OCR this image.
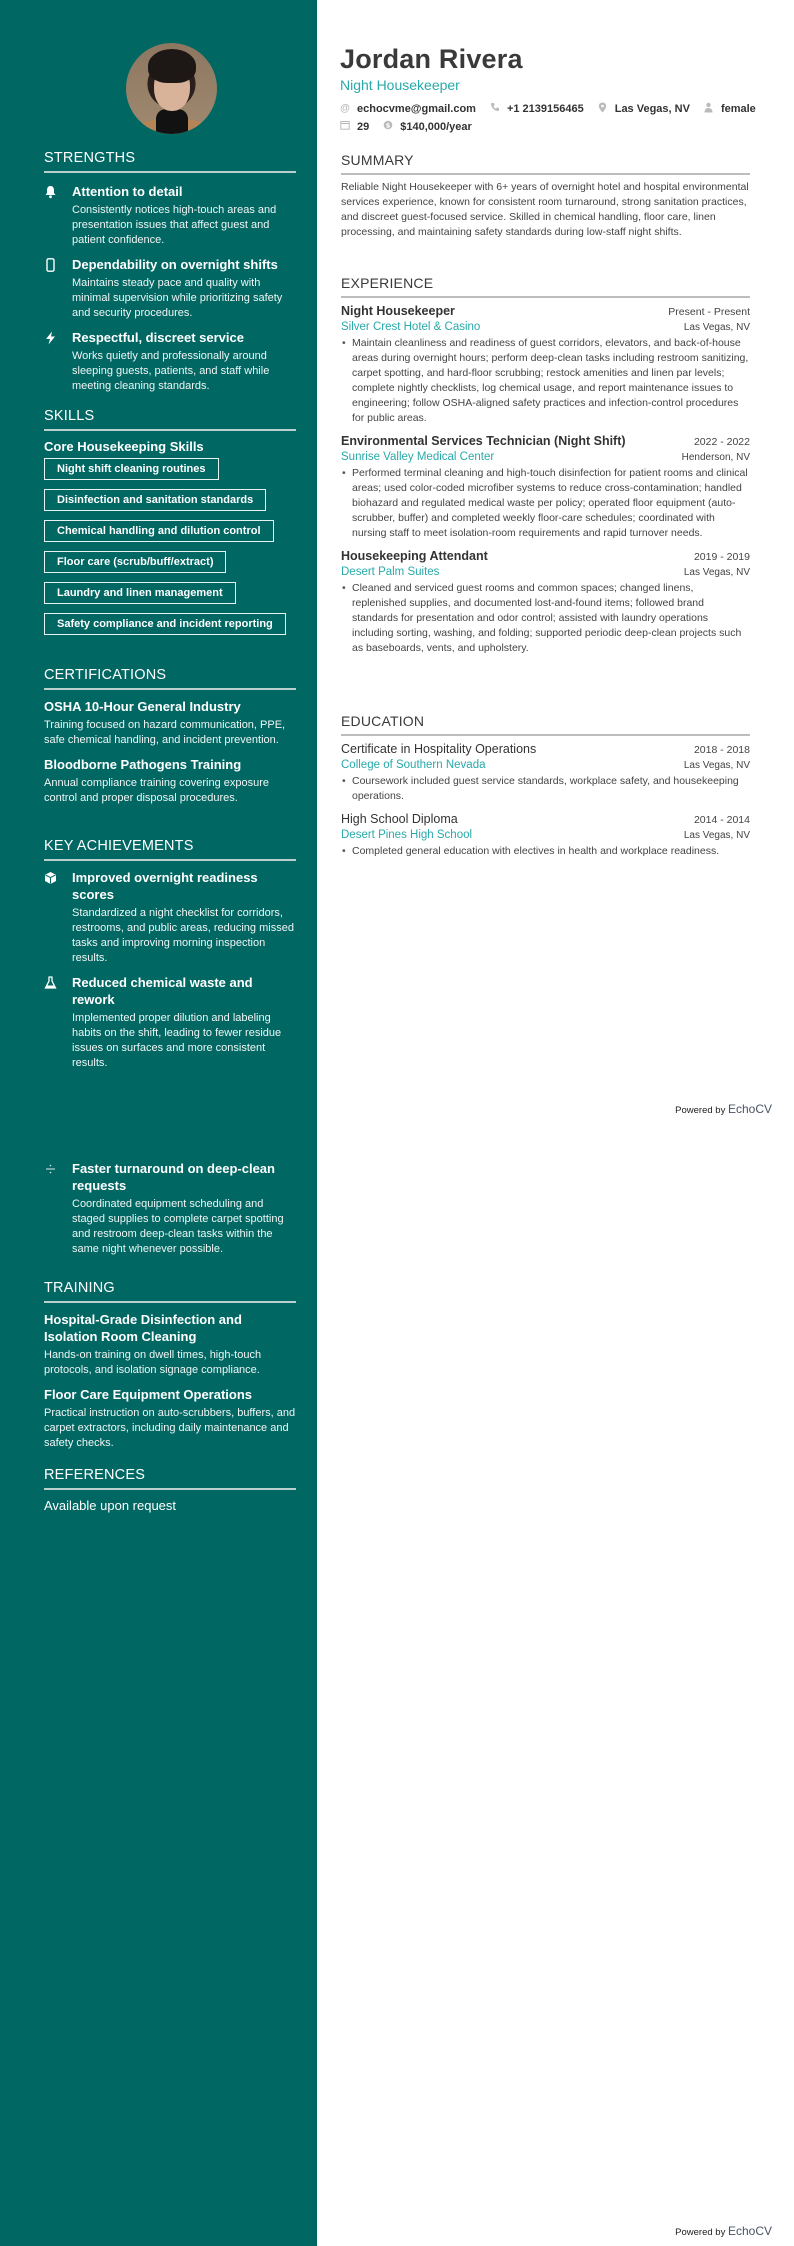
STRENGTHS
Attention to detail
Consistently notices high-touch areas and presentation issues that affect guest and patient confidence.
Dependability on overnight shifts
Maintains steady pace and quality with minimal supervision while prioritizing safety and security procedures.
Respectful, discreet service
Works quietly and professionally around sleeping guests, patients, and staff while meeting cleaning standards.
SKILLS
Core Housekeeping Skills
Night shift cleaning routines
Disinfection and sanitation standards
Chemical handling and dilution control
Floor care (scrub/buff/extract)
Laundry and linen management
Safety compliance and incident reporting
CERTIFICATIONS
OSHA 10-Hour General Industry
Training focused on hazard communication, PPE, safe chemical handling, and incident prevention.
Bloodborne Pathogens Training
Annual compliance training covering exposure control and proper disposal procedures.
KEY ACHIEVEMENTS
Improved overnight readiness scores
Standardized a night checklist for corridors, restrooms, and public areas, reducing missed tasks and improving morning inspection results.
Reduced chemical waste and rework
Implemented proper dilution and labeling habits on the shift, leading to fewer residue issues on surfaces and more consistent results.
Faster turnaround on deep-clean requests
Coordinated equipment scheduling and staged supplies to complete carpet spotting and restroom deep-clean tasks within the same night whenever possible.
TRAINING
Hospital-Grade Disinfection and Isolation Room Cleaning
Hands-on training on dwell times, high-touch protocols, and isolation signage compliance.
Floor Care Equipment Operations
Practical instruction on auto-scrubbers, buffers, and carpet extractors, including daily maintenance and safety checks.
REFERENCES
Available upon request
Jordan Rivera
Night Housekeeper
@ echocvme@gmail.com	+1 2139156465	Las Vegas, NV	female
29	$ $140,000/year
SUMMARY

Reliable Night Housekeeper with 6+ years of overnight hotel and hospital environmental services experience, known for consistent room turnaround, strong sanitation practices, and discreet guest-focused service. Skilled in chemical handling, floor care, linen processing, and maintaining safety standards during low-staff night shifts.

EXPERIENCE
Night Housekeeper	Present - Present
Silver Crest Hotel & Casino	Las Vegas, NV
• Maintain cleanliness and readiness of guest corridors, elevators, and back-of-house areas during overnight hours; perform deep-clean tasks including restroom sanitizing, carpet spotting, and hard-floor scrubbing; restock amenities and linen par levels; complete nightly checklists, log chemical usage, and report maintenance issues to engineering; follow OSHA-aligned safety practices and infection-control procedures for public areas.
Environmental Services Technician (Night Shift)	2022 - 2022
Sunrise Valley Medical Center	Henderson, NV
• Performed terminal cleaning and high-touch disinfection for patient rooms and clinical areas; used color-coded microfiber systems to reduce cross-contamination; handled biohazard and regulated medical waste per policy; operated floor equipment (auto-scrubber, buffer) and completed weekly floor-care schedules; coordinated with nursing staff to meet isolation-room requirements and rapid turnover needs.
Housekeeping Attendant	2019 - 2019
Desert Palm Suites	Las Vegas, NV
• Cleaned and serviced guest rooms and common spaces; changed linens, replenished supplies, and documented lost-and-found items; followed brand standards for presentation and odor control; assisted with laundry operations including sorting, washing, and folding; supported periodic deep-clean projects such as baseboards, vents, and upholstery.
EDUCATION
Certificate in Hospitality Operations	2018 - 2018
College of Southern Nevada	Las Vegas, NV
• Coursework included guest service standards, workplace safety, and housekeeping operations.
High School Diploma	2014 - 2014
Desert Pines High School	Las Vegas, NV
• Completed general education with electives in health and workplace readiness.
Powered by EchoCV
Powered by EchoCV
